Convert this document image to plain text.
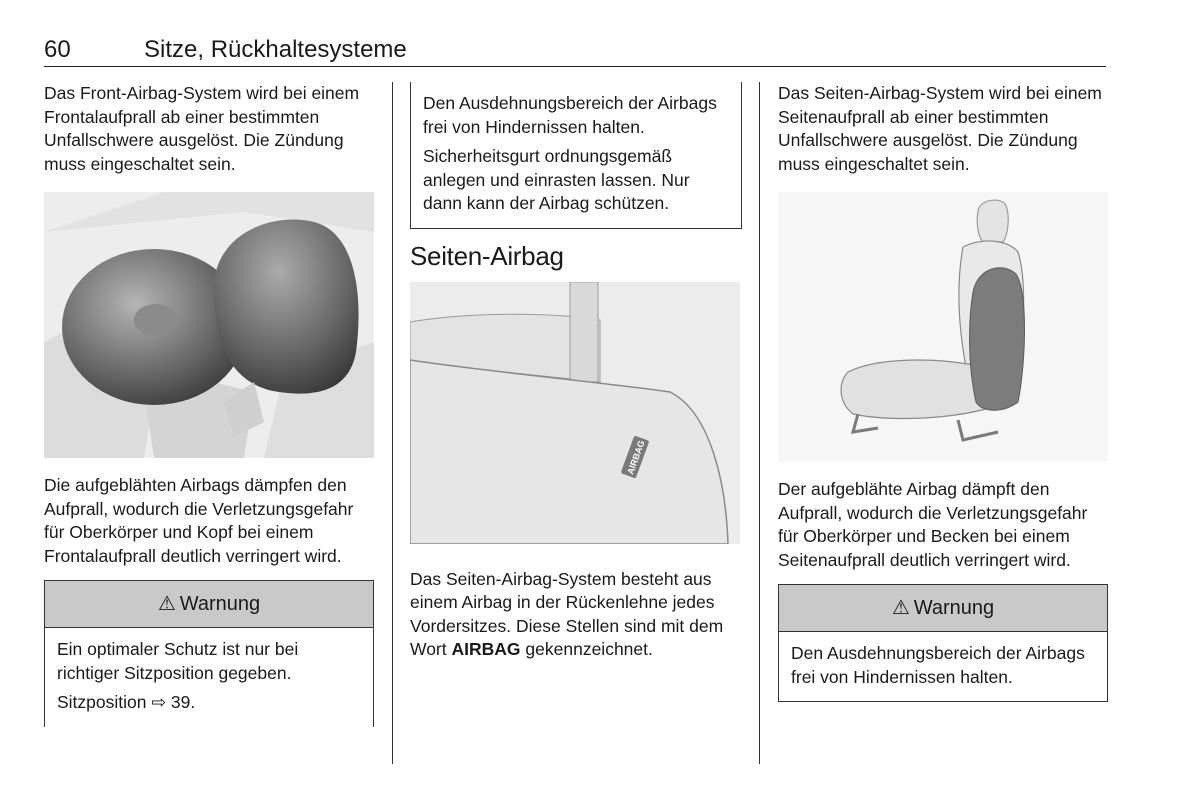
60	Sitze, Rückhaltesysteme

Das Front-Airbag-System wird bei einem Frontalaufprall ab einer bestimmten Unfallschwere ausgelöst. Die Zündung muss eingeschaltet sein.

Die aufgeblähten Airbags dämpfen den Aufprall, wodurch die Verletzungsgefahr für Oberkörper und Kopf bei einem Frontalaufprall deutlich verringert wird.

⚠ Warnung

Ein optimaler Schutz ist nur bei richtiger Sitzposition gegeben.

Sitzposition ⇨ 39.

Den Ausdehnungsbereich der Airbags frei von Hindernissen halten.

Sicherheitsgurt ordnungsgemäß anlegen und einrasten lassen. Nur dann kann der Airbag schützen.

Seiten-Airbag
AIRBAG

Das Seiten-Airbag-System besteht aus einem Airbag in der Rückenlehne jedes Vordersitzes. Diese Stellen sind mit dem Wort AIRBAG gekennzeichnet.

Das Seiten-Airbag-System wird bei einem Seitenaufprall ab einer bestimmten Unfallschwere ausgelöst. Die Zündung muss eingeschaltet sein.

Der aufgeblähte Airbag dämpft den Aufprall, wodurch die Verletzungsgefahr für Oberkörper und Becken bei einem Seitenaufprall deutlich verringert wird.

⚠ Warnung

Den Ausdehnungsbereich der Airbags frei von Hindernissen halten.
